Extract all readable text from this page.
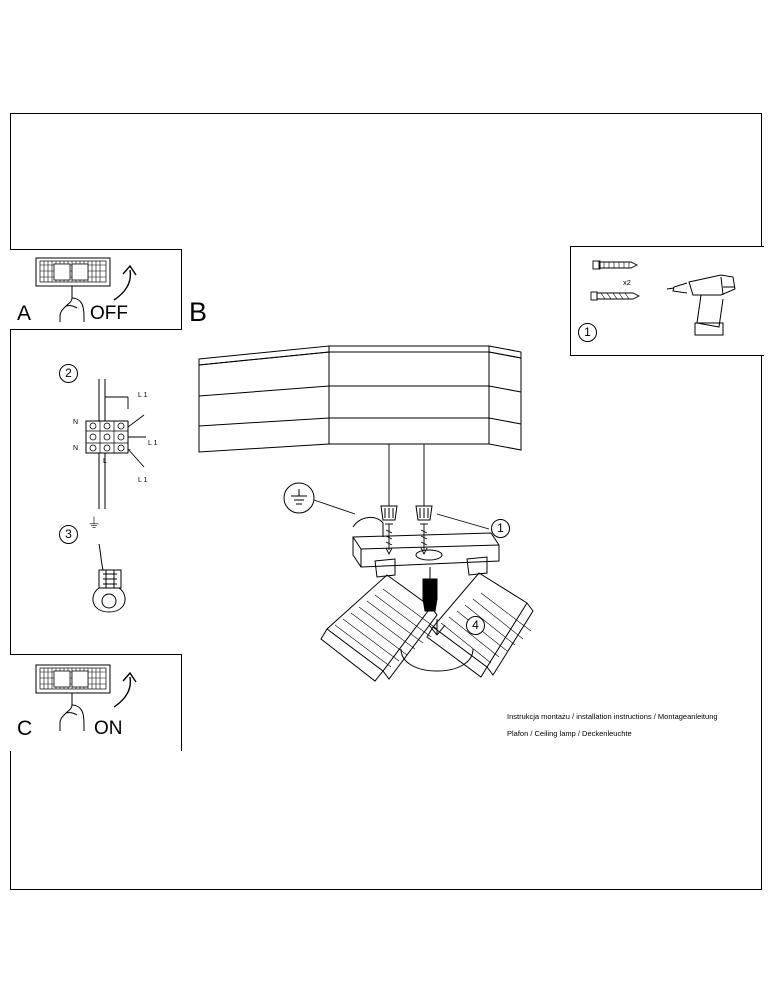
A	OFF B
x2
1
2
L 1
L 1
L 1
N
N	L
L
3
⏚	1
4
C	ON
Instrukcja montażu / installation instructions / Montageanleitung
Plafon / Ceiling lamp / Deckenleuchte
